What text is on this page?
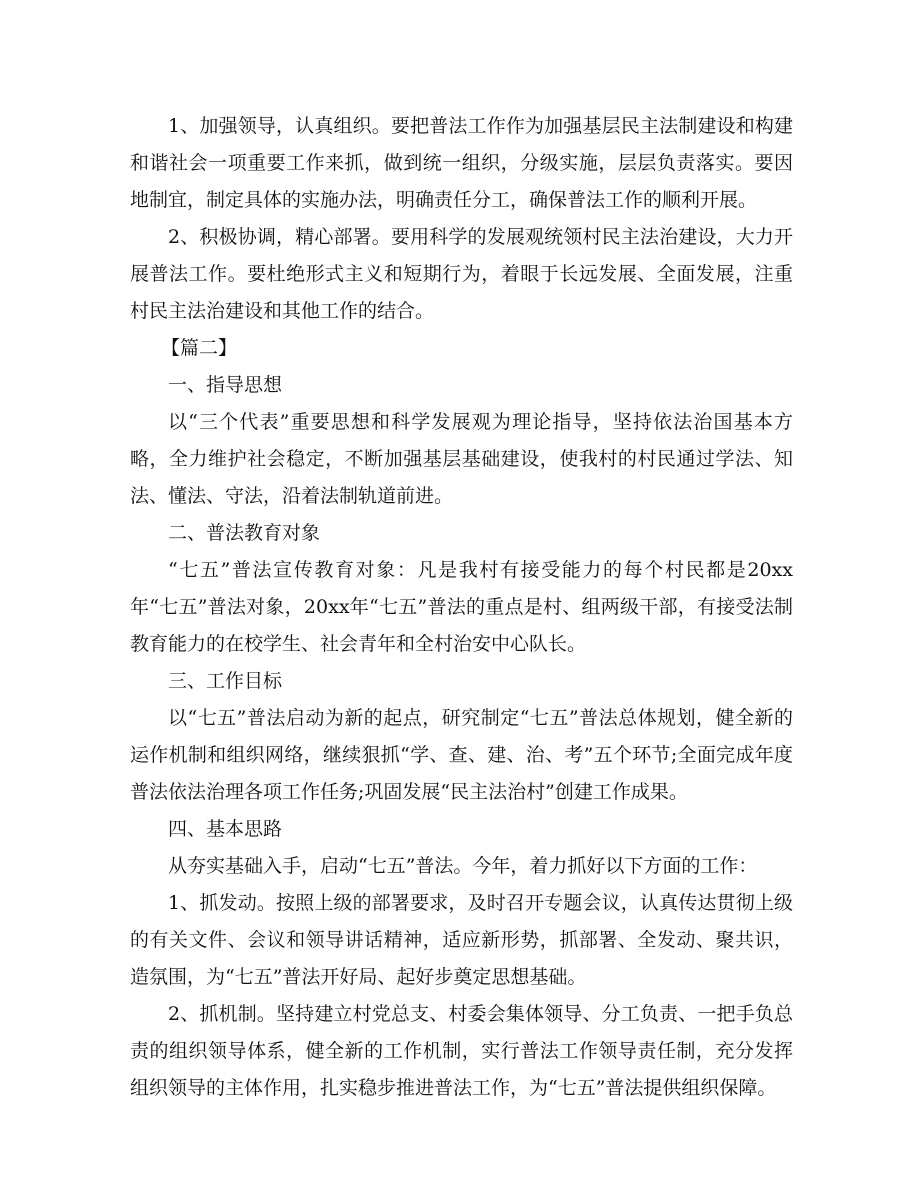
1、加强领导，认真组织。要把普法工作作为加强基层民主法制建设和构建和谐社会一项重要工作来抓，做到统一组织，分级实施，层层负责落实。要因地制宜，制定具体的实施办法，明确责任分工，确保普法工作的顺利开展。

2、积极协调，精心部署。要用科学的发展观统领村民主法治建设，大力开展普法工作。要杜绝形式主义和短期行为，着眼于长远发展、全面发展，注重村民主法治建设和其他工作的结合。

【篇二】

一、指导思想

以“三个代表”重要思想和科学发展观为理论指导，坚持依法治国基本方略，全力维护社会稳定，不断加强基层基础建设，使我村的村民通过学法、知法、懂法、守法，沿着法制轨道前进。

二、普法教育对象

“七五”普法宣传教育对象：凡是我村有接受能力的每个村民都是20xx年“七五”普法对象，20xx年“七五”普法的重点是村、组两级干部，有接受法制教育能力的在校学生、社会青年和全村治安中心队长。

三、工作目标

以“七五”普法启动为新的起点，研究制定“七五”普法总体规划，健全新的运作机制和组织网络，继续狠抓“学、查、建、治、考”五个环节;全面完成年度普法依法治理各项工作任务;巩固发展“民主法治村”创建工作成果。

四、基本思路

从夯实基础入手，启动“七五”普法。今年，着力抓好以下方面的工作：

1、抓发动。按照上级的部署要求，及时召开专题会议，认真传达贯彻上级的有关文件、会议和领导讲话精神，适应新形势，抓部署、全发动、聚共识，造氛围，为“七五”普法开好局、起好步奠定思想基础。

2、抓机制。坚持建立村党总支、村委会集体领导、分工负责、一把手负总责的组织领导体系，健全新的工作机制，实行普法工作领导责任制，充分发挥组织领导的主体作用，扎实稳步推进普法工作，为“七五”普法提供组织保障。
